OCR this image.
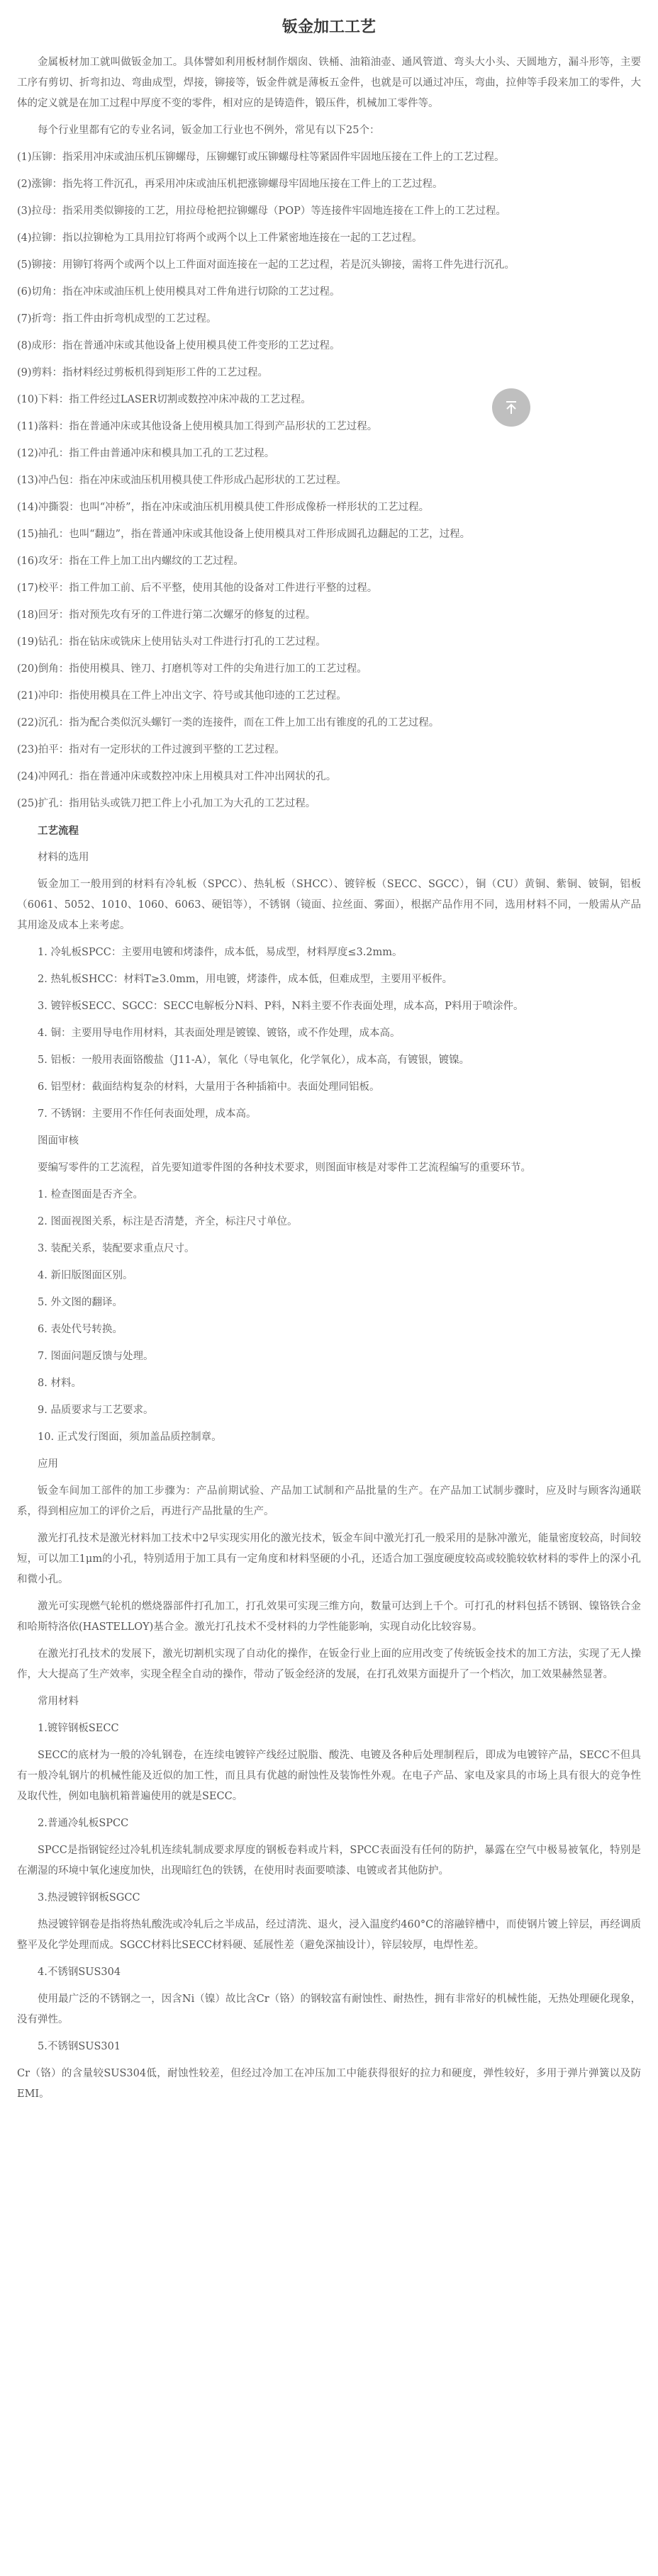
钣金加工工艺

金属板材加工就叫做钣金加工。具体譬如利用板材制作烟囱、铁桶、油箱油壶、通风管道、弯头大小头、天圆地方，漏斗形等，主要工序有剪切、折弯扣边、弯曲成型，焊接，铆接等，钣金件就是薄板五金件，也就是可以通过冲压，弯曲，拉伸等手段来加工的零件，大体的定义就是在加工过程中厚度不变的零件，相对应的是铸造件，锻压件，机械加工零件等。

每个行业里都有它的专业名词，钣金加工行业也不例外，常见有以下25个：

(1)压铆：指采用冲床或油压机压铆螺母，压铆螺钉或压铆螺母柱等紧固件牢固地压接在工件上的工艺过程。

(2)涨铆：指先将工件沉孔，再采用冲床或油压机把涨铆螺母牢固地压接在工件上的工艺过程。

(3)拉母：指采用类似铆接的工艺，用拉母枪把拉铆螺母（POP）等连接件牢固地连接在工件上的工艺过程。

(4)拉铆：指以拉铆枪为工具用拉钉将两个或两个以上工件紧密地连接在一起的工艺过程。

(5)铆接：用铆钉将两个或两个以上工件面对面连接在一起的工艺过程，若是沉头铆接，需将工件先进行沉孔。

(6)切角：指在冲床或油压机上使用模具对工件角进行切除的工艺过程。

(7)折弯：指工件由折弯机成型的工艺过程。

(8)成形：指在普通冲床或其他设备上使用模具使工件变形的工艺过程。

(9)剪料：指材料经过剪板机得到矩形工件的工艺过程。

(10)下料：指工件经过LASER切割或数控冲床冲裁的工艺过程。

(11)落料：指在普通冲床或其他设备上使用模具加工得到产品形状的工艺过程。

(12)冲孔：指工件由普通冲床和模具加工孔的工艺过程。

(13)冲凸包：指在冲床或油压机用模具使工件形成凸起形状的工艺过程。

(14)冲撕裂：也叫“冲桥”，指在冲床或油压机用模具使工件形成像桥一样形状的工艺过程。

(15)抽孔：也叫“翻边”，指在普通冲床或其他设备上使用模具对工件形成圆孔边翻起的工艺，过程。

(16)攻牙：指在工件上加工出内螺纹的工艺过程。

(17)校平：指工件加工前、后不平整，使用其他的设备对工件进行平整的过程。

(18)回牙：指对预先攻有牙的工件进行第二次螺牙的修复的过程。

(19)钻孔：指在钻床或铣床上使用钻头对工件进行打孔的工艺过程。

(20)倒角：指使用模具、锉刀、打磨机等对工件的尖角进行加工的工艺过程。

(21)冲印：指使用模具在工件上冲出文字、符号或其他印迹的工艺过程。

(22)沉孔：指为配合类似沉头螺钉一类的连接件，而在工件上加工出有锥度的孔的工艺过程。

(23)拍平：指对有一定形状的工件过渡到平整的工艺过程。

(24)冲网孔：指在普通冲床或数控冲床上用模具对工件冲出网状的孔。

(25)扩孔：指用钻头或铣刀把工件上小孔加工为大孔的工艺过程。

工艺流程

材料的选用

钣金加工一般用到的材料有冷轧板（SPCC）、热轧板（SHCC）、镀锌板（SECC、SGCC），铜（CU）黄铜、紫铜、铍铜，铝板（6061、5052、1010、1060、6063、硬铝等），不锈钢（镜面、拉丝面、雾面），根据产品作用不同，选用材料不同，一般需从产品其用途及成本上来考虑。

1. 冷轧板SPCC：主要用电镀和烤漆件，成本低，易成型，材料厚度≤3.2mm。

2. 热轧板SHCC：材料T≥3.0mm，用电镀，烤漆件，成本低，但难成型，主要用平板件。

3. 镀锌板SECC、SGCC：SECC电解板分N料、P料，N料主要不作表面处理，成本高，P料用于喷涂件。

4. 铜：主要用导电作用材料，其表面处理是镀镍、镀铬，或不作处理，成本高。

5. 铝板：一般用表面铬酸盐（J11-A），氧化（导电氧化，化学氧化），成本高，有镀银，镀镍。

6. 铝型材：截面结构复杂的材料，大量用于各种插箱中。表面处理同铝板。

7. 不锈钢：主要用不作任何表面处理，成本高。

图面审核

要编写零件的工艺流程，首先要知道零件图的各种技术要求，则图面审核是对零件工艺流程编写的重要环节。

1. 检查图面是否齐全。

2. 图面视图关系，标注是否清楚，齐全，标注尺寸单位。

3. 装配关系，装配要求重点尺寸。

4. 新旧版图面区别。

5. 外文图的翻译。

6. 表处代号转换。

7. 图面问题反馈与处理。

8. 材料。

9. 品质要求与工艺要求。

10. 正式发行图面，须加盖品质控制章。

应用

钣金车间加工部件的加工步骤为：产品前期试验、产品加工试制和产品批量的生产。在产品加工试制步骤时，应及时与顾客沟通联系，得到相应加工的评价之后，再进行产品批量的生产。

激光打孔技术是激光材料加工技术中2早实现实用化的激光技术，钣金车间中激光打孔一般采用的是脉冲激光，能量密度较高，时间较短，可以加工1μm的小孔，特别适用于加工具有一定角度和材料坚硬的小孔，还适合加工强度硬度较高或较脆较软材料的零件上的深小孔和微小孔。

激光可实现燃气轮机的燃烧器部件打孔加工，打孔效果可实现三维方向，数量可达到上千个。可打孔的材料包括不锈钢、镍铬铁合金和哈斯特洛依(HASTELLOY)基合金。激光打孔技术不受材料的力学性能影响，实现自动化比较容易。

在激光打孔技术的发展下，激光切割机实现了自动化的操作，在钣金行业上面的应用改变了传统钣金技术的加工方法，实现了无人操作，大大提高了生产效率，实现全程全自动的操作，带动了钣金经济的发展，在打孔效果方面提升了一个档次，加工效果赫然显著。

常用材料

1.镀锌钢板SECC

SECC的底材为一般的冷轧钢卷，在连续电镀锌产线经过脱脂、酸洗、电镀及各种后处理制程后，即成为电镀锌产品，SECC不但具有一般冷轧钢片的机械性能及近似的加工性，而且具有优越的耐蚀性及装饰性外观。在电子产品、家电及家具的市场上具有很大的竞争性及取代性，例如电脑机箱普遍使用的就是SECC。

2.普通冷轧板SPCC

SPCC是指钢锭经过冷轧机连续轧制成要求厚度的钢板卷料或片料，SPCC表面没有任何的防护，暴露在空气中极易被氧化，特别是在潮湿的环境中氧化速度加快，出现暗红色的铁锈，在使用时表面要喷漆、电镀或者其他防护。

3.热浸镀锌钢板SGCC

热浸镀锌钢卷是指将热轧酸洗或冷轧后之半成品，经过清洗、退火，浸入温度约460°C的溶融锌槽中，而使钢片镀上锌层，再经调质整平及化学处理而成。SGCC材料比SECC材料硬、延展性差（避免深抽设计），锌层较厚，电焊性差。

4.不锈钢SUS304

使用最广泛的不锈钢之一，因含Ni（镍）故比含Cr（铬）的钢较富有耐蚀性、耐热性，拥有非常好的机械性能，无热处理硬化现象，没有弹性。

5.不锈钢SUS301

Cr（铬）的含量较SUS304低，耐蚀性较差，但经过冷加工在冲压加工中能获得很好的拉力和硬度，弹性较好，多用于弹片弹簧以及防EMI。
